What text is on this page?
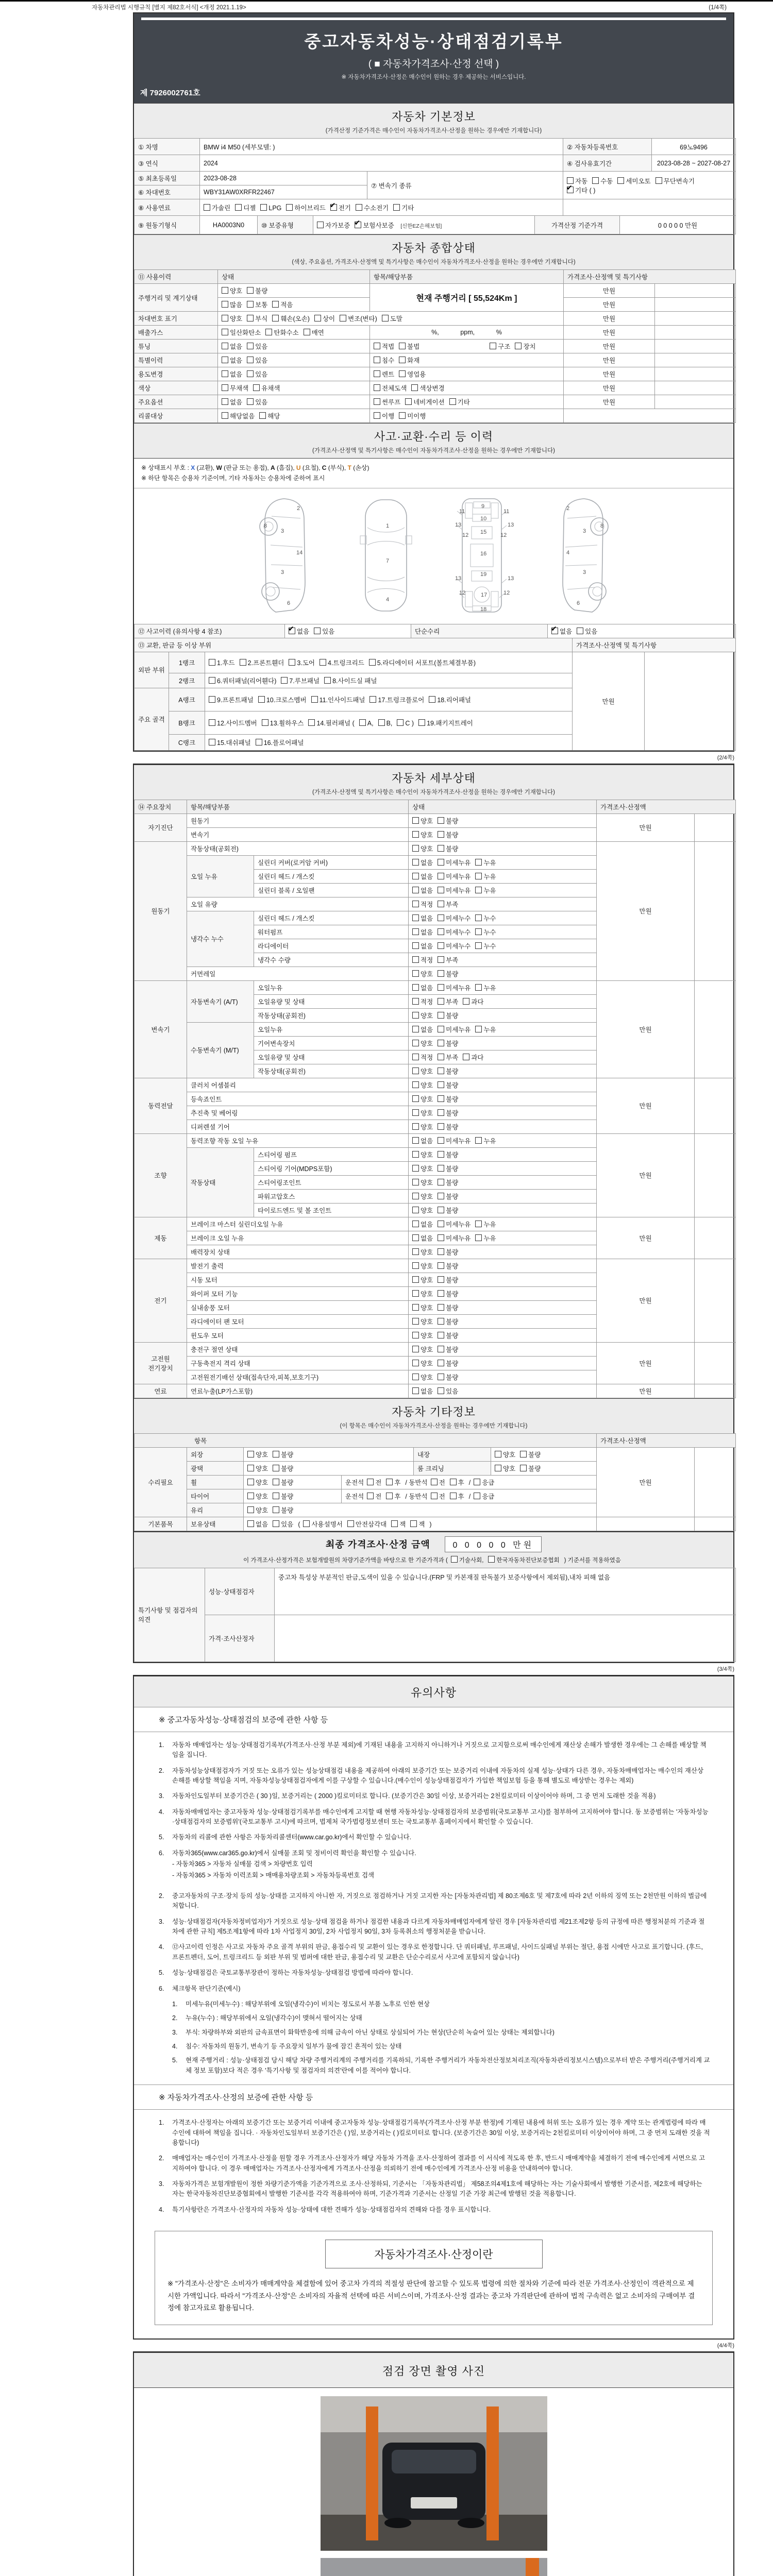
자동차관리법 시행규칙 [별지 제82호서식] <개정 2021.1.19>	(1/4쪽)
중고자동차성능·상태점검기록부
( ■ 자동차가격조사·산정 선택 )
※ 자동차가격조사·산정은 매수인이 원하는 경우 제공하는 서비스입니다.
제 7926002761호
자동차 기본정보
(가격산정 기준가격은 매수인이 자동차가격조사·산정을 원하는 경우에만 기재합니다)
① 차명	BMW i4 M50 (세부모델: )	② 자동차등록번호	69노9496
③ 연식	2024	④ 검사유효기간	2023-08-28 ~ 2027-08-27
⑤ 최초등록일	2023-08-28	⑦ 변속기 종류	자동 수동 세미오토 무단변속기✔기타 ( )
⑥ 차대번호	WBY31AW0XRFR22467		
⑧ 사용연료	가솔린 디젤 LPG 하이브리드 ✔ 전기 수소전기 기타	
⑨ 원동기형식	HA0003N0	⑩ 보증유형	자가보증 ✔ 보험사보증 [신한EZ손해보험]	가격산정 기준가격	0 0 0 0 0 만원
자동차 종합상태
(색상, 주요옵션, 가격조사·산정액 및 특기사항은 매수인이 자동차가격조사·산정을 원하는 경우에만 기재합니다)
⑪ 사용이력	상태	항목/해당부품	가격조사·산정액 및 특기사항	
주행거리 및 계기상태	양호 불량	현재 주행거리 [ 55,524Km ]	만원	
	많음 보통 적음		만원	
차대번호 표기	양호 부식 훼손(오손) 상이 변조(변타) 도말		만원	
배출가스	일산화탄소 탄화수소 매연	%,            ppm,            %	만원	
튜닝	없음 있음	적법 불법 구조 장치	만원	
특별이력	없음 있음	침수 화재	만원	
용도변경	없음 있음	렌트 영업용	만원	
색상	무채색 유채색	전체도색 색상변경	만원	
주요옵션	없음 있음	썬루프 네비게이션 기타	만원	
리콜대상	해당없음 해당	이행 미이행		
사고·교환·수리 등 이력
(가격조사·산정액 및 특기사항은 매수인이 자동차가격조사·산정을 원하는 경우에만 기재합니다)
※ 상태표시 부호 : X (교환), W (판금 또는 용접), A (흠집), U (요철), C (부식), T (손상)
※ 하단 항목은 승용차 기준이며, 기타 자동차는 승용차에 준하여 표시
2
8
3
14
3
6
1
7
4
11	11
13	13
12	12
9
10
15
16
19
13	13
12	12
17
18
2
3
8
4
3
6
⑫ 사고이력 (유의사항 4 참조)	✔없음 있음	단순수리	✔없음 있음
⑬ 교환, 판금 등 이상 부위			가격조사·산정액 및 특기사항	
외판 부위	1랭크	1.후드 2.프론트휀더 3.도어 4.트렁크리드 5.라디에이터 서포트(볼트체결부품)	만원	
	2랭크	6.쿼터패널(리어휀다) 7.루브패널 8.사이드실 패널		
주요 골격	A랭크	9.프론트패널 10.크로스멤버 11.인사이드패널 17.트렁크플로어 18.리어패널		
	B랭크	12.사이드멤버 13.휠하우스 14.필러패널 ( A, B, C ) 19.패키지트레이		
	C랭크	15.대쉬패널 16.플로어패널		
(2/4쪽)
자동차 세부상태
(가격조사·산정액 및 특기사항은 매수인이 자동차가격조사·산정을 원하는 경우에만 기재합니다)
⑭ 주요장치	항목/해당부품		상태	가격조사·산정액	
자기진단	원동기		양호 불량	만원	
	변속기		양호 불량		
원동기	작동상태(공회전)		양호 불량	만원	
	오일 누유	실린더 커버(로커암 커버)	없음 미세누유 누유		
		실린더 헤드 / 개스킷	없음 미세누유 누유		
		실린더 블록 / 오일팬	없음 미세누유 누유		
	오일 유량		적정 부족		
	냉각수 누수	실린더 헤드 / 개스킷	없음 미세누수 누수		
		워터펌프	없음 미세누수 누수		
		라디에이터	없음 미세누수 누수		
		냉각수 수량	적정 부족		
	커먼레일		양호 불량		
변속기	자동변속기 (A/T)	오일누유	없음 미세누유 누유	만원	
		오일유량 및 상태	적정 부족 과다		
		작동상태(공회전)	양호 불량		
	수동변속기 (M/T)	오일누유	없음 미세누유 누유		
		기어변속장치	양호 불량		
		오일유량 및 상태	적정 부족 과다		
		작동상태(공회전)	양호 불량		
동력전달	클러치 어셈블리		양호 불량	만원	
	등속죠인트		양호 불량		
	추진축 및 베어링		양호 불량		
	디퍼렌셜 기어		양호 불량		
조향	동력조향 작동 오일 누유		없음 미세누유 누유	만원	
	작동상태	스티어링 펌프	양호 불량		
		스티어링 기어(MDPS포함)	양호 불량		
		스티어링조인트	양호 불량		
		파워고압호스	양호 불량		
		타이로드엔드 및 볼 조인트	양호 불량		
제동	브레이크 마스터 실린더오일 누유		없음 미세누유 누유	만원	
	브레이크 오일 누유		없음 미세누유 누유		
	배력장치 상태		양호 불량		
전기	발전기 출력		양호 불량	만원	
	시동 모터		양호 불량		
	와이퍼 모터 기능		양호 불량		
	실내송풍 모터		양호 불량		
	라디에이터 팬 모터		양호 불량		
	윈도우 모터		양호 불량		
고전원 전기장치	충전구 절연 상태		양호 불량	만원	
	구동축전지 격리 상태		양호 불량		
	고전원전기배선 상태(접속단자,피복,보호기구)		양호 불량		
연료	연료누출(LP가스포함)		없음 있음	만원	
자동차 기타정보
(이 항목은 매수인이 자동차가격조사·산정을 원하는 경우에만 기재합니다)
항목						가격조사·산정액	
수리필요	외장	양호 불량		내장	양호 불량	만원	
	광택	양호 불량		룸 크리닝	양호 불량		
	휠	양호 불량	운전석 전 후 / 동반석 전 후 / 응급				
	타이어	양호 불량	운전석 전 후 / 동반석 전 후 / 응급				
	유리	양호 불량					
기본품목	보유상태	없음 있음 ( 사용설명서 안전삼각대 잭 잭 )					
최종 가격조사·산정 금액	0 0 0 0 0 만원
이 가격조사·산정가격은 보험개발원의 차량기준가액을 바탕으로 한 기준가격과 ( 기술사회, 한국자동차진단보증협회 ) 기준서를 적용하였음
특기사항 및 점검자의 의견	성능·상태점검자	중고차 특성상 부분적인 판금,도색이 있을 수 있습니다.(FRP 및 카본재질 판독불가 보증사항에서 제외됨),내차 피해 없음
	가격·조사산정자	
(3/4쪽)
유의사항
※ 중고자동차성능·상태점검의 보증에 관한 사항 등
1.	자동차 매매업자는 성능·상태점검기록부(가격조사·산정 부분 제외)에 기재된 내용을 고지하지 아니하거나 거짓으로 고지함으로써 매수인에게 재산상 손해가 발생한 경우에는 그 손해를 배상할 책임을 집니다.
2.	자동차성능상태점검자가 거짓 또는 오류가 있는 성능상태점검 내용을 제공하여 아래의 보증기간 또는 보증거리 이내에 자동차의 실제 성능·상태가 다른 경우, 자동차매매업자는 매수인의 재산상 손해를 배상할 책임을 지며, 자동차성능상태점검자에게 이를 구상할 수 있습니다.(매수인이 성능상태점검자가 가입한 책임보험 등을 통해 별도로 배상받는 경우는 제외)
3.	자동차인도일부터 보증기간은 ( 30 )일, 보증거리는 ( 2000 )킬로미터로 합니다. (보증기간은 30일 이상, 보증거리는 2천킬로미터 이상이어야 하며, 그 중 먼저 도래한 것을 적용)
4.	자동차매매업자는 중고자동차 성능·상태점검기록부를 매수인에게 고지할 때 현행 자동차성능·상태점검자의 보증범위(국토교통부 고시)를 첨부하여 고지하여야 합니다. 동 보증범위는 '자동차성능·상태점검자의 보증범위'(국토교통부 고시)에 따르며, 법제처 국가법령정보센터 또는 국토교통부 홈페이지에서 확인할 수 있습니다.
5.	자동차의 리콜에 관한 사항은 자동차리콜센터(www.car.go.kr)에서 확인할 수 있습니다.
6.	자동차365(www.car365.go.kr)에서 실매물 조회 및 정비이력 확인을 확인할 수 있습니다.
- 자동차365 > 자동차 실매물 검색 > 차량번호 입력
- 자동차365 > 자동차 이력조회 > 매매용차량조회 > 자동차등록번호 검색
2.	중고자동차의 구조·장치 등의 성능·상태를 고지하지 아니한 자, 거짓으로 점검하거나 거짓 고지한 자는 [자동차관리법] 제 80조제6호 및 제7호에 따라 2년 이하의 징역 또는 2천만원 이하의 벌금에 처합니다.
3.	성능·상태점검자(자동차정비업자)가 거짓으로 성능·상태 점검을 하거나 점검한 내용과 다르게 자동차매매업자에게 알린 경우 [자동차관리법 제21조제2항 등의 규정에 따른 행정처분의 기준과 절차에 관한 규칙] 제5조제1항에 따라 1차 사업정지 30일, 2차 사업정지 90일, 3차 등록취소의 행정처분을 받습니다.
4.	⑫사고이력 인정은 사고로 자동차 주요 골격 부위의 판금, 용접수리 및 교환이 있는 경우로 한정합니다. 단 쿼터패널, 루프패널, 사이드실패널 부위는 절단, 용접 시에만 사고로 표기합니다. (후드, 프론트펜더, 도어, 트렁크리드 등 외판 부위 및 범퍼에 대한 판금, 용접수리 및 교환은 단순수리로서 사고에 포함되지 않습니다)
5.	성능·상태점검은 국토교통부장관이 정하는 자동차성능·상태점검 방법에 따라야 합니다.
6.	체크항목 판단기준(예시)
1.	미세누유(미세누수) : 해당부위에 오일(냉각수)이 비치는 정도로서 부품 노후로 인한 현상
2.	누유(누수) : 해당부위에서 오일(냉각수)이 맺혀서 떨어지는 상태
3.	부식: 차량하부와 외판의 금속표면이 화학반응에 의해 금속이 아닌 상태로 상실되어 가는 현상(단순히 녹슬어 있는 상태는 제외합니다)
4.	침수: 자동차의 원동기, 변속기 등 주요장치 일부가 물에 잠긴 흔적이 있는 상태
5.	현재 주행거리 : 성능·상태점검 당시 해당 차량 주행거리계의 주행거리를 기록하되, 기록한 주행거리가 자동차전산정보처리조직(자동차관리정보시스템)으로부터 받은 주행거리(주행거리계 교체 정보 포함)보다 적은 경우 '특기사항 및 점검자의 의견'란에 이를 적어야 합니다.
※ 자동차가격조사·산정의 보증에 관한 사항 등
1.	가격조사·산정자는 아래의 보증기간 또는 보증거리 이내에 중고자동차 성능·상태점검기록부(가격조사·산정 부분 한정)에 기재된 내용에 허위 또는 오류가 있는 경우 계약 또는 관계법령에 따라 매수인에 대하여 책임을 집니다. · 자동차인도일부터 보증기간은 ( )일, 보증거리는 ( )킬로미터로 합니다. (보증기간은 30일 이상, 보증거리는 2천킬로미터 이상이어야 하며, 그 중 먼저 도래한 것을 적용합니다)
2.	매매업자는 매수인이 가격조사·산정을 원할 경우 가격조사·산정자가 해당 자동차 가격을 조사·산정하여 결과를 이 서식에 적도록 한 후, 반드시 매매계약을 체결하기 전에 매수인에게 서면으로 고지하여야 합니다. 이 경우 매매업자는 가격조사·산정자에게 가격조사·산정을 의뢰하기 전에 매수인에게 가격조사·산정 비용을 안내하여야 합니다.
3.	자동차가격은 보험개발원이 정한 차량기준가액을 기준가격으로 조사·산정하되, 기준서는 「자동차관리법」 제58조의4제1호에 해당하는 자는 기술사회에서 발행한 기준서를, 제2호에 해당하는 자는 한국자동차진단보증협회에서 발행한 기준서를 각각 적용하여야 하며, 기준가격과 기준서는 산정일 기준 가장 최근에 발행된 것을 적용합니다.
4.	특기사항란은 가격조사·산정자의 자동차 성능·상태에 대한 견해가 성능·상태점검자의 견해와 다를 경우 표시합니다.
자동차가격조사·산정이란
※ "가격조사·산정"은 소비자가 매매계약을 체결함에 있어 중고차 가격의 적절성 판단에 참고할 수 있도록 법령에 의한 절차와 기준에 따라 전문 가격조사·산정인이 객관적으로 제시한 가액입니다. 따라서 "가격조사·산정"은 소비자의 자율적 선택에 따른 서비스이며, 가격조사·산정 결과는 중고차 가격판단에 관하여 법적 구속력은 없고 소비자의 구매여부 결정에 참고자료로 활용됩니다.
(4/4쪽)
점검 장면 촬영 사진
